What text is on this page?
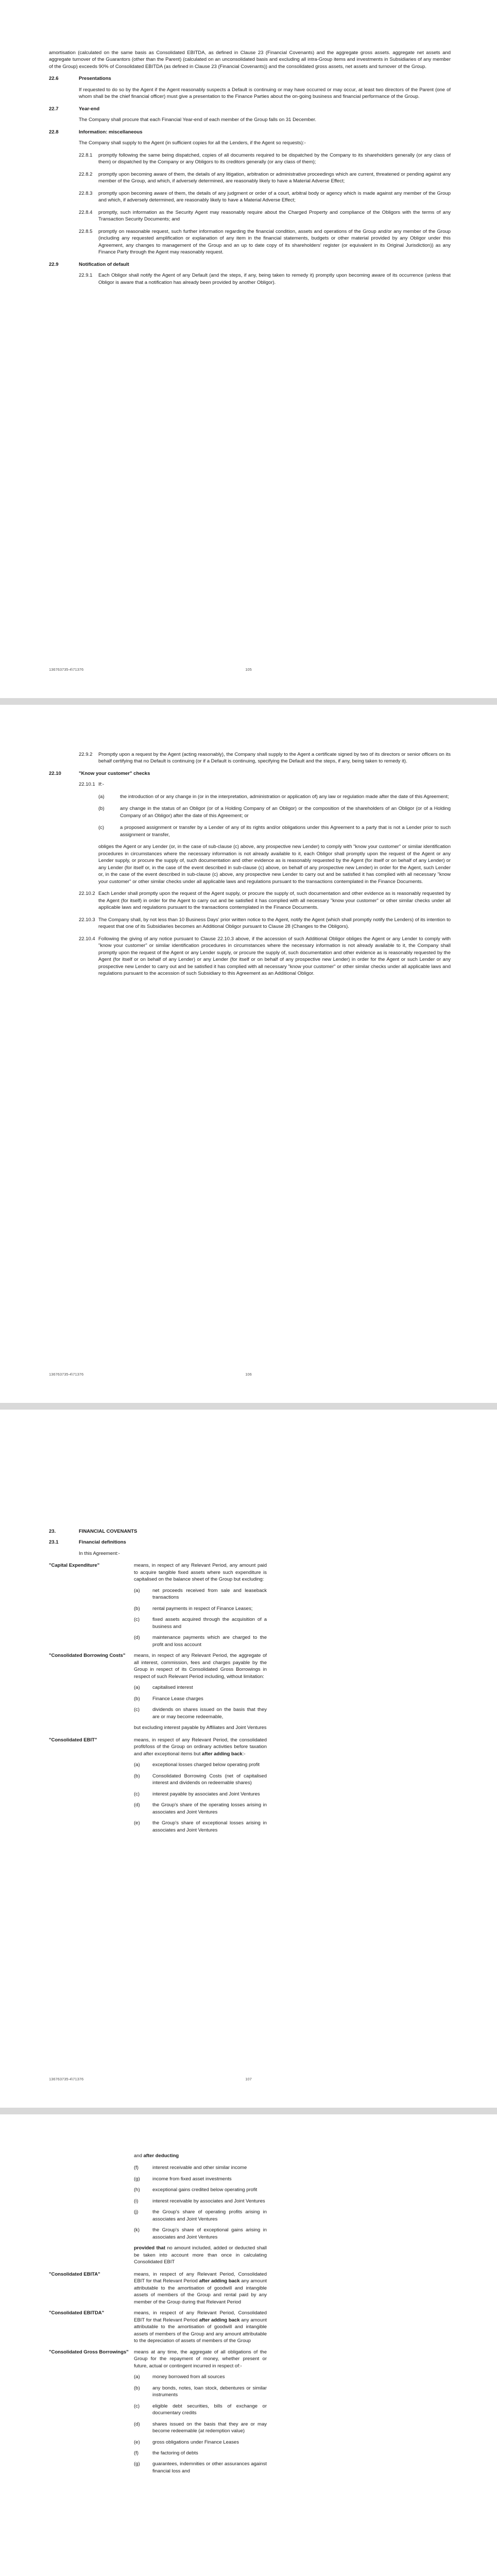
amortisation (calculated on the same basis as Consolidated EBITDA, as defined in Clause 23 (Financial Covenants) and the aggregate gross assets. aggregate net assets and aggregate turnover of the Guarantors (other than the Parent) (calculated on an unconsolidated basis and excluding all intra-Group items and investments in Subsidiaries of any member of the Group) exceeds 90% of Consolidated EBITDA (as defined in Clause 23 (Financial Covenants)) and the consolidated gross assets, net assets and turnover of the Group.

22.6	Presentations

If requested to do so by the Agent if the Agent reasonably suspects a Default is continuing or may have occurred or may occur, at least two directors of the Parent (one of whom shall be the chief financial officer) must give a presentation to the Finance Parties about the on-going business and financial performance of the Group.

22.7	Year-end

The Company shall procure that each Financial Year-end of each member of the Group falls on 31 December.

22.8	Information: miscellaneous

The Company shall supply to the Agent (in sufficient copies for all the Lenders, if the Agent so requests):-

22.8.1	promptly following the same being dispatched, copies of all documents required to be dispatched by the Company to its shareholders generally (or any class of them) or dispatched by the Company or any Obligors to its creditors generally (or any class of them);
22.8.2	promptly upon becoming aware of them, the details of any litigation, arbitration or administrative proceedings which are current, threatened or pending against any member of the Group, and which, if adversely determined, are reasonably likely to have a Material Adverse Effect;
22.8.3	promptly upon becoming aware of them, the details of any judgment or order of a court, arbitral body or agency which is made against any member of the Group and which, if adversely determined, are reasonably likely to have a Material Adverse Effect;
22.8.4	promptly, such information as the Security Agent may reasonably require about the Charged Property and compliance of the Obligors with the terms of any Transaction Security Documents; and
22.8.5	promptly on reasonable request, such further information regarding the financial condition, assets and operations of the Group and/or any member of the Group (including any requested amplification or explanation of any item in the financial statements, budgets or other material provided by any Obligor under this Agreement, any changes to management of the Group and an up to date copy of its shareholders' register (or equivalent in its Original Jurisdiction)) as any Finance Party through the Agent may reasonably request.
22.9	Notification of default
22.9.1	Each Obligor shall notify the Agent of any Default (and the steps, if any, being taken to remedy it) promptly upon becoming aware of its occurrence (unless that Obligor is aware that a notification has already been provided by another Obligor).
136763735-4\71376	105
22.9.2	Promptly upon a request by the Agent (acting reasonably), the Company shall supply to the Agent a certificate signed by two of its directors or senior officers on its behalf certifying that no Default is continuing (or if a Default is continuing, specifying the Default and the steps, if any, being taken to remedy it).
22.10	"Know your customer" checks
22.10.1 If:-
(a)	the introduction of or any change in (or in the interpretation, administration or application of) any law or regulation made after the date of this Agreement;
(b)	any change in the status of an Obligor (or of a Holding Company of an Obligor) or the composition of the shareholders of an Obligor (or of a Holding Company of an Obligor) after the date of this Agreement; or
(c)	a proposed assignment or transfer by a Lender of any of its rights and/or obligations under this Agreement to a party that is not a Lender prior to such assignment or transfer,

obliges the Agent or any Lender (or, in the case of sub-clause (c) above, any prospective new Lender) to comply with "know your customer" or similar identification procedures in circumstances where the necessary information is not already available to it, each Obligor shall promptly upon the request of the Agent or any Lender supply, or procure the supply of, such documentation and other evidence as is reasonably requested by the Agent (for itself or on behalf of any Lender) or any Lender (for itself or, in the case of the event described in sub-clause (c) above, on behalf of any prospective new Lender) in order for the Agent, such Lender or, in the case of the event described in sub-clause (c) above, any prospective new Lender to carry out and be satisfied it has complied with all necessary "know your customer" or other similar checks under all applicable laws and regulations pursuant to the transactions contemplated in the Finance Documents.

22.10.2 Each Lender shall promptly upon the request of the Agent supply, or procure the supply of, such documentation and other evidence as is reasonably requested by the Agent (for itself) in order for the Agent to carry out and be satisfied it has complied with all necessary "know your customer" or other similar checks under all applicable laws and regulations pursuant to the transactions contemplated in the Finance Documents.
22.10.3 The Company shall, by not less than 10 Business Days' prior written notice to the Agent, notify the Agent (which shall promptly notify the Lenders) of its intention to request that one of its Subsidiaries becomes an Additional Obligor pursuant to Clause 28 (Changes to the Obligors).
22.10.4 Following the giving of any notice pursuant to Clause 22.10.3 above, if the accession of such Additional Obligor obliges the Agent or any Lender to comply with "know your customer" or similar identification procedures in circumstances where the necessary information is not already available to it, the Company shall promptly upon the request of the Agent or any Lender supply, or procure the supply of, such documentation and other evidence as is reasonably requested by the Agent (for itself or on behalf of any Lender) or any Lender (for itself or on behalf of any prospective new Lender) in order for the Agent or such Lender or any prospective new Lender to carry out and be satisfied it has complied with all necessary "know your customer" or other similar checks under all applicable laws and regulations pursuant to the accession of such Subsidiary to this Agreement as an Additional Obligor.
136763735-4\71376	106
23.	FINANCIAL COVENANTS
23.1	Financial definitions

In this Agreement:-

"Capital Expenditure"	means, in respect of any Relevant Period, any amount paid to acquire tangible fixed assets where such expenditure is capitalised on the balance sheet of the Group but excluding:
(a)	net proceeds received from sale and leaseback transactions
(b)	rental payments in respect of Finance Leases;
(c)	fixed assets acquired through the acquisition of a business and
(d)	maintenance payments which are charged to the profit and loss account
"Consolidated Borrowing Costs"	means, in respect of any Relevant Period, the aggregate of all interest, commission, fees and charges payable by the Group in respect of its Consolidated Gross Borrowings in respect of such Relevant Period including, without limitation:
(a)	capitalised interest
(b)	Finance Lease charges
(c)	dividends on shares issued on the basis that they are or may become redeemable,

but excluding interest payable by Affiliates and Joint Ventures

"Consolidated EBIT"	means, in respect of any Relevant Period, the consolidated profit/loss of the Group on ordinary activities before taxation and after exceptional items but after adding back:-
(a)	exceptional losses charged below operating profit
(b)	Consolidated Borrowing Costs (net of capitalised interest and dividends on redeemable shares)
(c)	interest payable by associates and Joint Ventures
(d)	the Group's share of the operating losses arising in associates and Joint Ventures
(e)	the Group's share of exceptional losses arising in associates and Joint Ventures
136763735-4\71376	107

and after deducting

(f)	interest receivable and other similar income
(g)	income from fixed asset investments
(h)	exceptional gains credited below operating profit
(i)	interest receivable by associates and Joint Ventures
(j)	the Group's share of operating profits arising in associates and Joint Ventures
(k)	the Group's share of exceptional gains arising in associates and Joint Ventures

provided that no amount included, added or deducted shall be taken into account more than once in calculating Consolidated EBIT

"Consolidated EBITA"	means, in respect of any Relevant Period, Consolidated EBIT for that Relevant Period after adding back any amount attributable to the amortisation of goodwill and intangible assets of members of the Group and rental paid by any member of the Group during that Relevant Period
"Consolidated EBITDA"	means, in respect of any Relevant Period, Consolidated EBIT for that Relevant Period after adding back any amount attributable to the amortisation of goodwill and intangible assets of members of the Group and any amount attributable to the depreciation of assets of members of the Group
"Consolidated Gross Borrowings"	means at any time, the aggregate of all obligations of the Group for the repayment of money, whether present or future, actual or contingent incurred in respect of:-
(a)	money borrowed from all sources
(b)	any bonds, notes, loan stock, debentures or similar instruments
(c)	eligible debt securities, bills of exchange or documentary credits
(d)	shares issued on the basis that they are or may become redeemable (at redemption value)
(e)	gross obligations under Finance Leases
(f)	the factoring of debts
(g)	guarantees, indemnities or other assurances against financial loss and
